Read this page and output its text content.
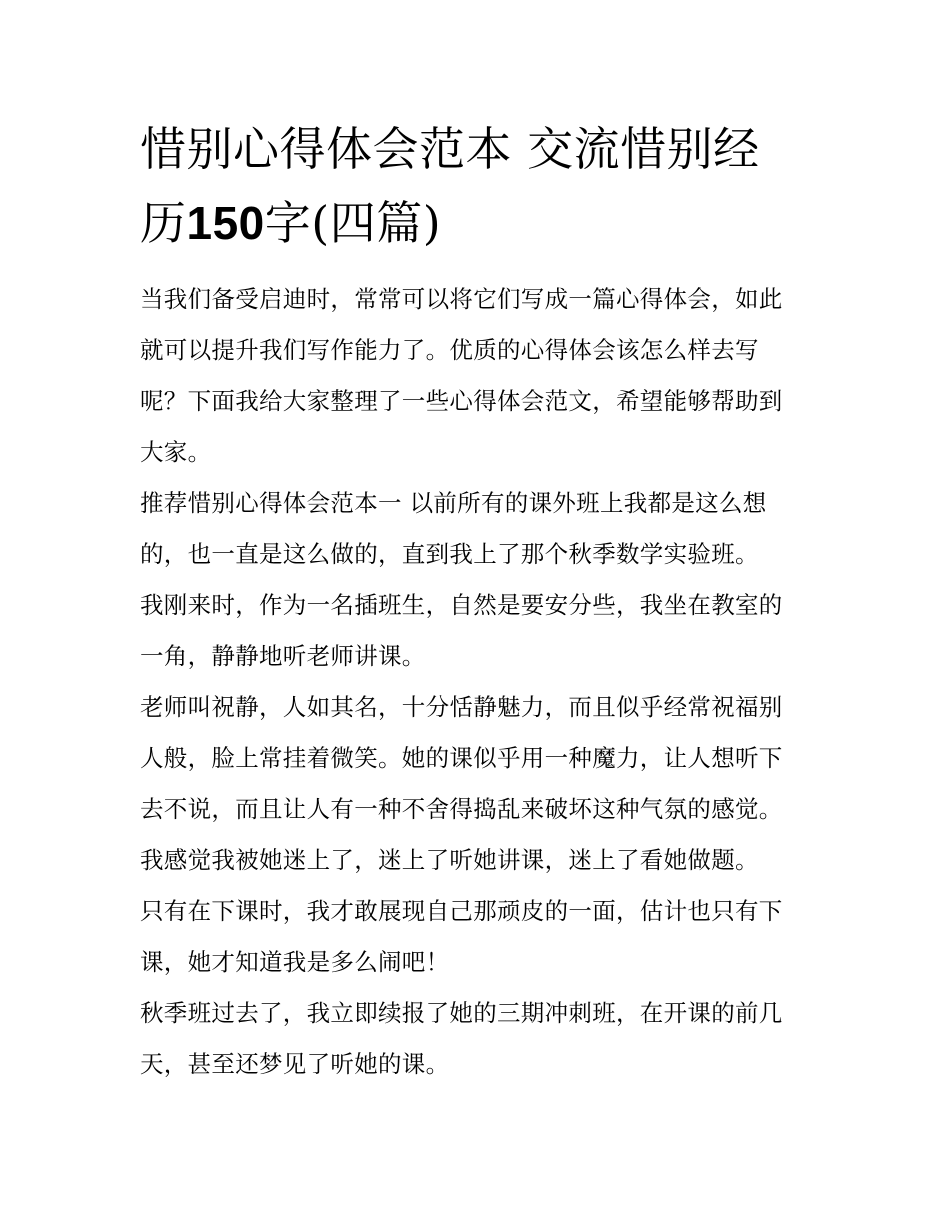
惜别心得体会范本 交流惜别经
历150字(四篇)

当我们备受启迪时，常常可以将它们写成一篇心得体会，如此
就可以提升我们写作能力了。优质的心得体会该怎么样去写
呢？下面我给大家整理了一些心得体会范文，希望能够帮助到
大家。

推荐惜别心得体会范本一 以前所有的课外班上我都是这么想
的，也一直是这么做的，直到我上了那个秋季数学实验班。

我刚来时，作为一名插班生，自然是要安分些，我坐在教室的
一角，静静地听老师讲课。

老师叫祝静，人如其名，十分恬静魅力，而且似乎经常祝福别
人般，脸上常挂着微笑。她的课似乎用一种魔力，让人想听下
去不说，而且让人有一种不舍得捣乱来破坏这种气氛的感觉。

我感觉我被她迷上了，迷上了听她讲课，迷上了看她做题。

只有在下课时，我才敢展现自己那顽皮的一面，估计也只有下
课，她才知道我是多么闹吧！

秋季班过去了，我立即续报了她的三期冲刺班，在开课的前几
天，甚至还梦见了听她的课。
